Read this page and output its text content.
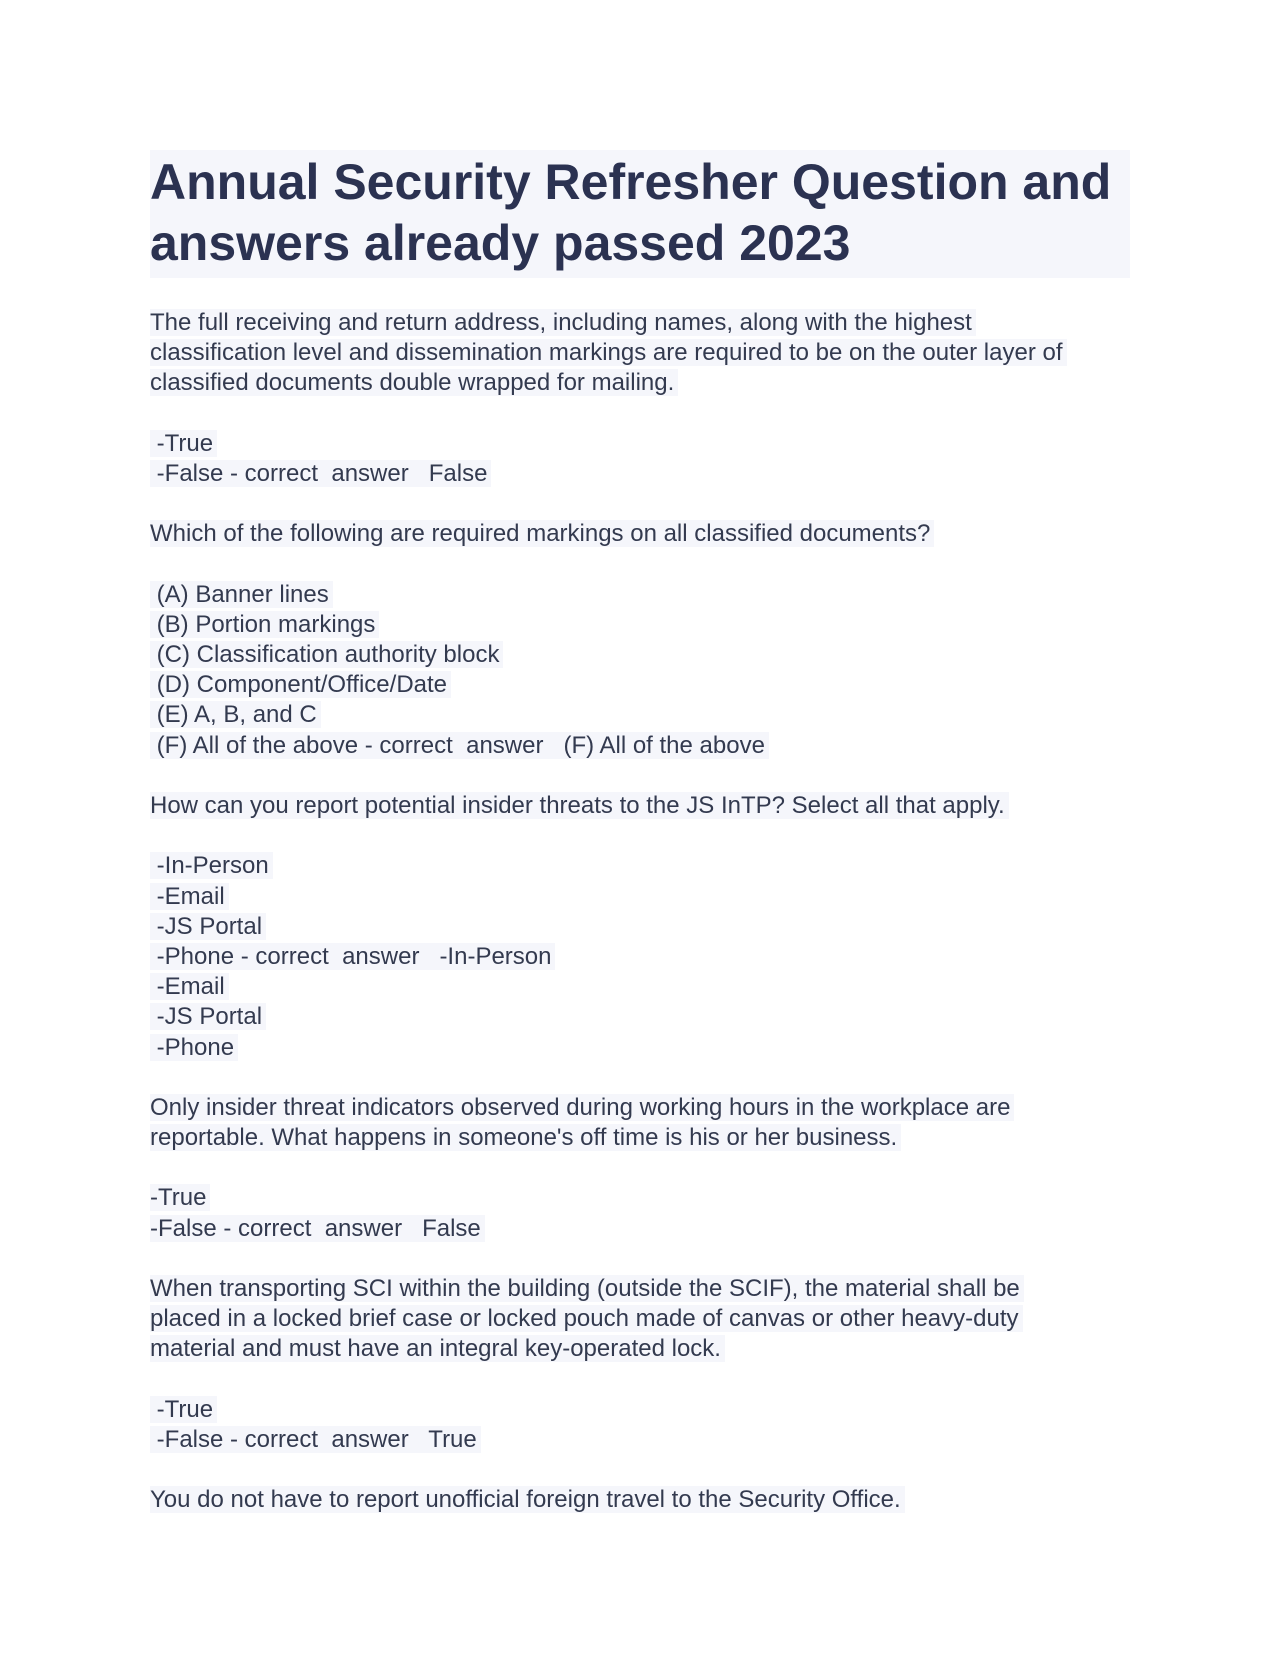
Annual Security Refresher Question and
answers already passed 2023
The full receiving and return address, including names, along with the highest
classification level and dissemination markings are required to be on the outer layer of
classified documents double wrapped for mailing.
-True
-False - correct  answer   False
Which of the following are required markings on all classified documents?
(A) Banner lines
(B) Portion markings
(C) Classification authority block
(D) Component/Office/Date
(E) A, B, and C
(F) All of the above - correct  answer   (F) All of the above
How can you report potential insider threats to the JS InTP? Select all that apply.
-In-Person
-Email
-JS Portal
-Phone - correct  answer   -In-Person
-Email
-JS Portal
-Phone
Only insider threat indicators observed during working hours in the workplace are
reportable. What happens in someone's off time is his or her business.
-True
-False - correct  answer   False
When transporting SCI within the building (outside the SCIF), the material shall be
placed in a locked brief case or locked pouch made of canvas or other heavy-duty
material and must have an integral key-operated lock.
-True
-False - correct  answer   True
You do not have to report unofficial foreign travel to the Security Office.
